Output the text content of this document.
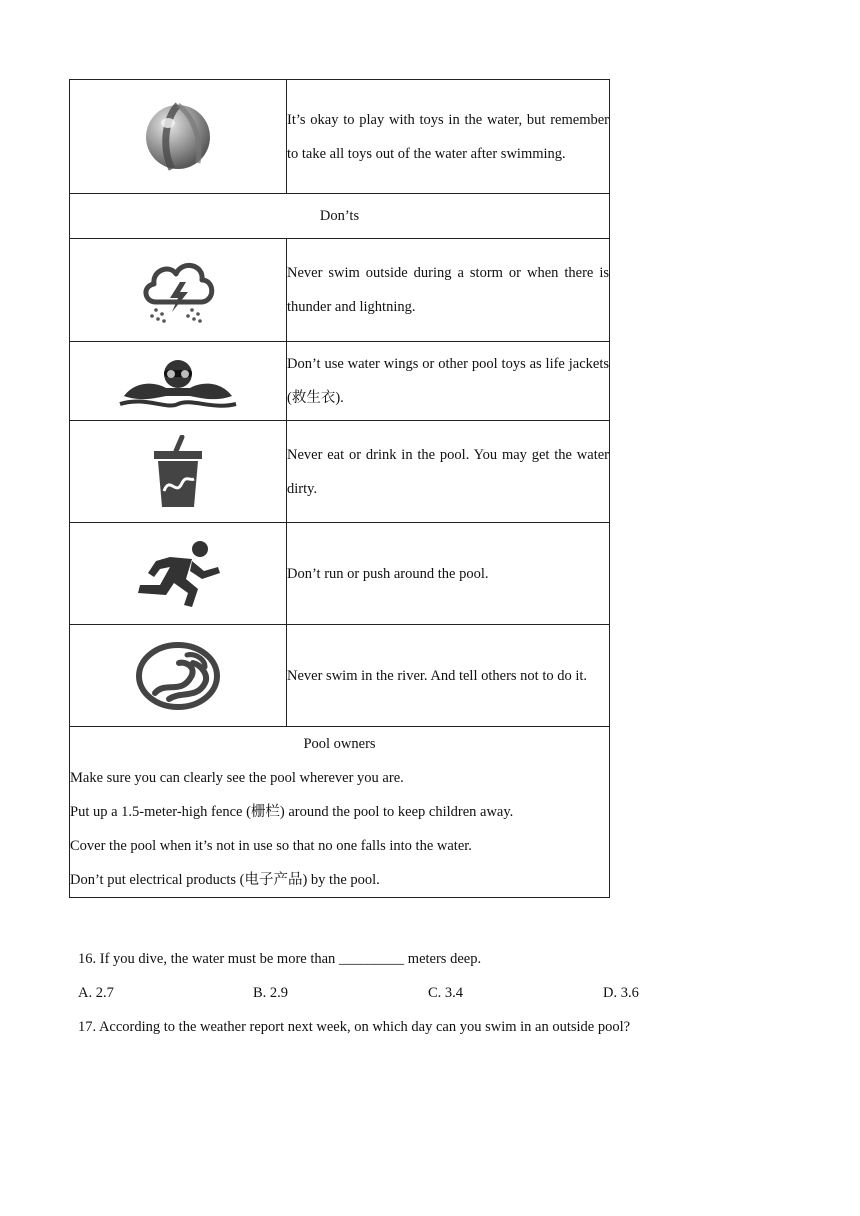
	It’s okay to play with toys in the water, but remember to take all toys out of the water after swimming.
Don’ts	

	Never swim outside during a storm or when there is thunder and lightning.

	Don’t use water wings or other pool toys as life jackets (救生衣).

	Never eat or drink in the pool. You may get the water dirty.

	Don’t run or push around the pool.

	Never swim in the river. And tell others not to do it.

Pool owners
Make sure you can clearly see the pool wherever you are.
Put up a 1.5-meter-high fence (栅栏) around the pool to keep children away.
Cover the pool when it’s not in use so that no one falls into the water.
Don’t put electrical products (电子产品) by the pool.	
16. If you dive, the water must be more than _________ meters deep.
A. 2.7	B. 2.9	C. 3.4	D. 3.6
17. According to the weather report next week, on which day can you swim in an outside pool?
